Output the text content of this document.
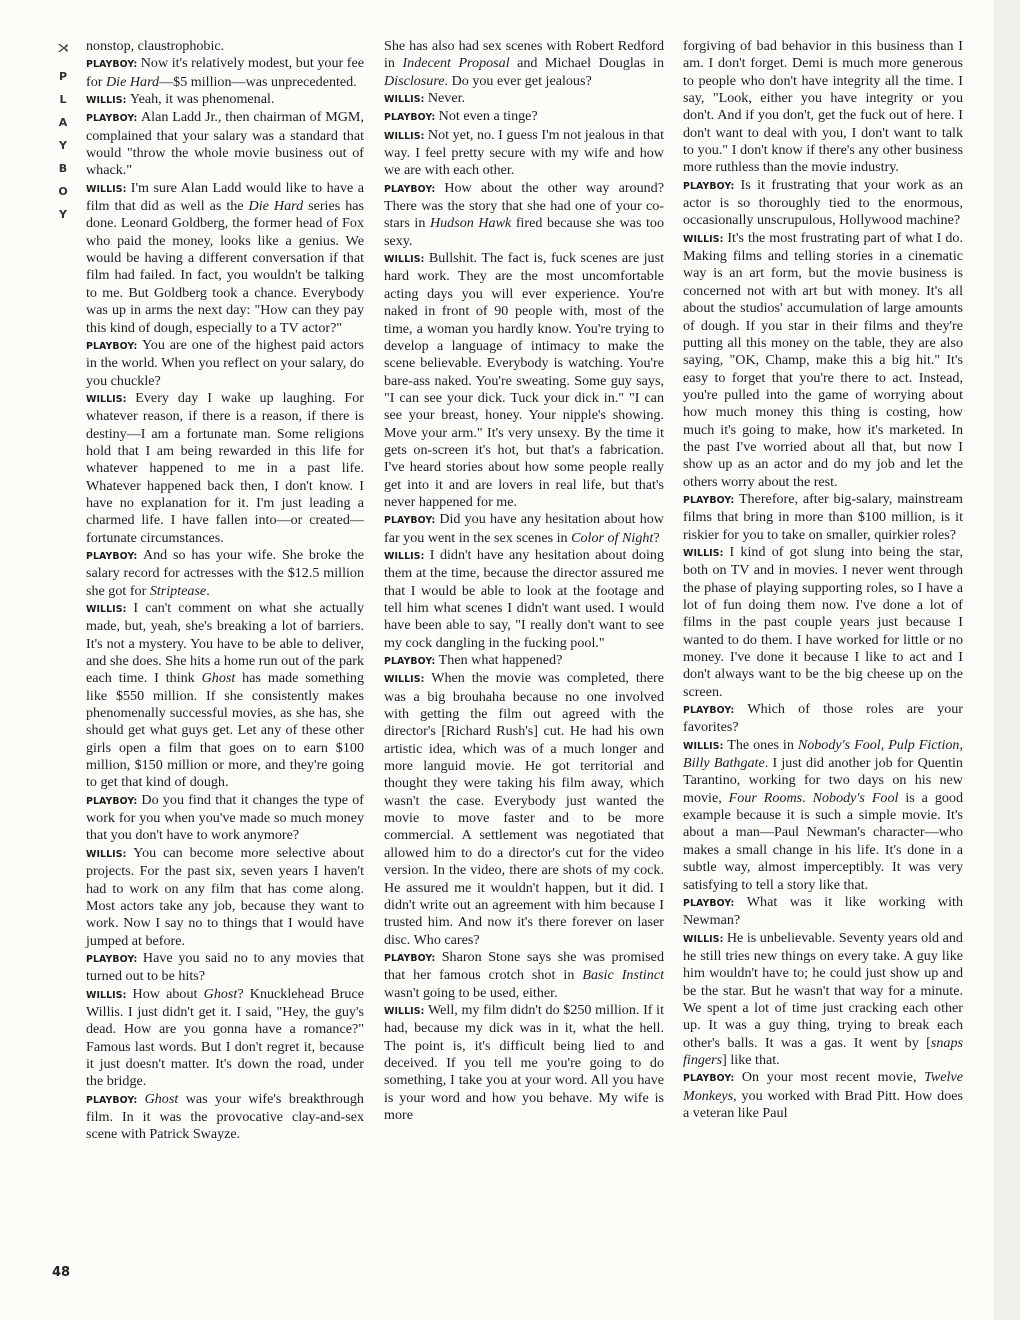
P
L
A
Y
B
O
Y

nonstop, claustrophobic.

PLAYBOY: Now it's relatively modest, but your fee for Die Hard—$5 million—was unprecedented.

WILLIS: Yeah, it was phenomenal.

PLAYBOY: Alan Ladd Jr., then chairman of MGM, complained that your salary was a standard that would "throw the whole movie business out of whack."

WILLIS: I'm sure Alan Ladd would like to have a film that did as well as the Die Hard series has done. Leonard Goldberg, the former head of Fox who paid the money, looks like a genius. We would be having a different conversation if that film had failed. In fact, you wouldn't be talking to me. But Goldberg took a chance. Everybody was up in arms the next day: "How can they pay this kind of dough, especially to a TV actor?"

PLAYBOY: You are one of the highest paid actors in the world. When you reflect on your salary, do you chuckle?

WILLIS: Every day I wake up laughing. For whatever reason, if there is a reason, if there is destiny—I am a fortunate man. Some religions hold that I am being rewarded in this life for whatever happened to me in a past life. Whatever happened back then, I don't know. I have no explanation for it. I'm just leading a charmed life. I have fallen into—or created—fortunate circumstances.

PLAYBOY: And so has your wife. She broke the salary record for actresses with the $12.5 million she got for Striptease.

WILLIS: I can't comment on what she actually made, but, yeah, she's breaking a lot of barriers. It's not a mystery. You have to be able to deliver, and she does. She hits a home run out of the park each time. I think Ghost has made something like $550 million. If she consistently makes phenomenally successful movies, as she has, she should get what guys get. Let any of these other girls open a film that goes on to earn $100 million, $150 million or more, and they're going to get that kind of dough.

PLAYBOY: Do you find that it changes the type of work for you when you've made so much money that you don't have to work anymore?

WILLIS: You can become more selective about projects. For the past six, seven years I haven't had to work on any film that has come along. Most actors take any job, because they want to work. Now I say no to things that I would have jumped at before.

PLAYBOY: Have you said no to any movies that turned out to be hits?

WILLIS: How about Ghost? Knucklehead Bruce Willis. I just didn't get it. I said, "Hey, the guy's dead. How are you gonna have a romance?" Famous last words. But I don't regret it, because it just doesn't matter. It's down the road, under the bridge.

PLAYBOY: Ghost was your wife's breakthrough film. In it was the provocative clay-and-sex scene with Patrick Swayze.

She has also had sex scenes with Robert Redford in Indecent Proposal and Michael Douglas in Disclosure. Do you ever get jealous?

WILLIS: Never.

PLAYBOY: Not even a tinge?

WILLIS: Not yet, no. I guess I'm not jealous in that way. I feel pretty secure with my wife and how we are with each other.

PLAYBOY: How about the other way around? There was the story that she had one of your co-stars in Hudson Hawk fired because she was too sexy.

WILLIS: Bullshit. The fact is, fuck scenes are just hard work. They are the most uncomfortable acting days you will ever experience. You're naked in front of 90 people with, most of the time, a woman you hardly know. You're trying to develop a language of intimacy to make the scene believable. Everybody is watching. You're bare-ass naked. You're sweating. Some guy says, "I can see your dick. Tuck your dick in." "I can see your breast, honey. Your nipple's showing. Move your arm." It's very unsexy. By the time it gets on-screen it's hot, but that's a fabrication. I've heard stories about how some people really get into it and are lovers in real life, but that's never happened for me.

PLAYBOY: Did you have any hesitation about how far you went in the sex scenes in Color of Night?

WILLIS: I didn't have any hesitation about doing them at the time, because the director assured me that I would be able to look at the footage and tell him what scenes I didn't want used. I would have been able to say, "I really don't want to see my cock dangling in the fucking pool."

PLAYBOY: Then what happened?

WILLIS: When the movie was completed, there was a big brouhaha because no one involved with getting the film out agreed with the director's [Richard Rush's] cut. He had his own artistic idea, which was of a much longer and more languid movie. He got territorial and thought they were taking his film away, which wasn't the case. Everybody just wanted the movie to move faster and to be more commercial. A settlement was negotiated that allowed him to do a director's cut for the video version. In the video, there are shots of my cock. He assured me it wouldn't happen, but it did. I didn't write out an agreement with him because I trusted him. And now it's there forever on laser disc. Who cares?

PLAYBOY: Sharon Stone says she was promised that her famous crotch shot in Basic Instinct wasn't going to be used, either.

WILLIS: Well, my film didn't do $250 million. If it had, because my dick was in it, what the hell. The point is, it's difficult being lied to and deceived. If you tell me you're going to do something, I take you at your word. All you have is your word and how you behave. My wife is more

forgiving of bad behavior in this business than I am. I don't forget. Demi is much more generous to people who don't have integrity all the time. I say, "Look, either you have integrity or you don't. And if you don't, get the fuck out of here. I don't want to deal with you, I don't want to talk to you." I don't know if there's any other business more ruthless than the movie industry.

PLAYBOY: Is it frustrating that your work as an actor is so thoroughly tied to the enormous, occasionally unscrupulous, Hollywood machine?

WILLIS: It's the most frustrating part of what I do. Making films and telling stories in a cinematic way is an art form, but the movie business is concerned not with art but with money. It's all about the studios' accumulation of large amounts of dough. If you star in their films and they're putting all this money on the table, they are also saying, "OK, Champ, make this a big hit." It's easy to forget that you're there to act. Instead, you're pulled into the game of worrying about how much money this thing is costing, how much it's going to make, how it's marketed. In the past I've worried about all that, but now I show up as an actor and do my job and let the others worry about the rest.

PLAYBOY: Therefore, after big-salary, mainstream films that bring in more than $100 million, is it riskier for you to take on smaller, quirkier roles?

WILLIS: I kind of got slung into being the star, both on TV and in movies. I never went through the phase of playing supporting roles, so I have a lot of fun doing them now. I've done a lot of films in the past couple years just because I wanted to do them. I have worked for little or no money. I've done it because I like to act and I don't always want to be the big cheese up on the screen.

PLAYBOY: Which of those roles are your favorites?

WILLIS: The ones in Nobody's Fool, Pulp Fiction, Billy Bathgate. I just did another job for Quentin Tarantino, working for two days on his new movie, Four Rooms. Nobody's Fool is a good example because it is such a simple movie. It's about a man—Paul Newman's character—who makes a small change in his life. It's done in a subtle way, almost imperceptibly. It was very satisfying to tell a story like that.

PLAYBOY: What was it like working with Newman?

WILLIS: He is unbelievable. Seventy years old and he still tries new things on every take. A guy like him wouldn't have to; he could just show up and be the star. But he wasn't that way for a minute. We spent a lot of time just cracking each other up. It was a guy thing, trying to break each other's balls. It was a gas. It went by [snaps fingers] like that.

PLAYBOY: On your most recent movie, Twelve Monkeys, you worked with Brad Pitt. How does a veteran like Paul

48
